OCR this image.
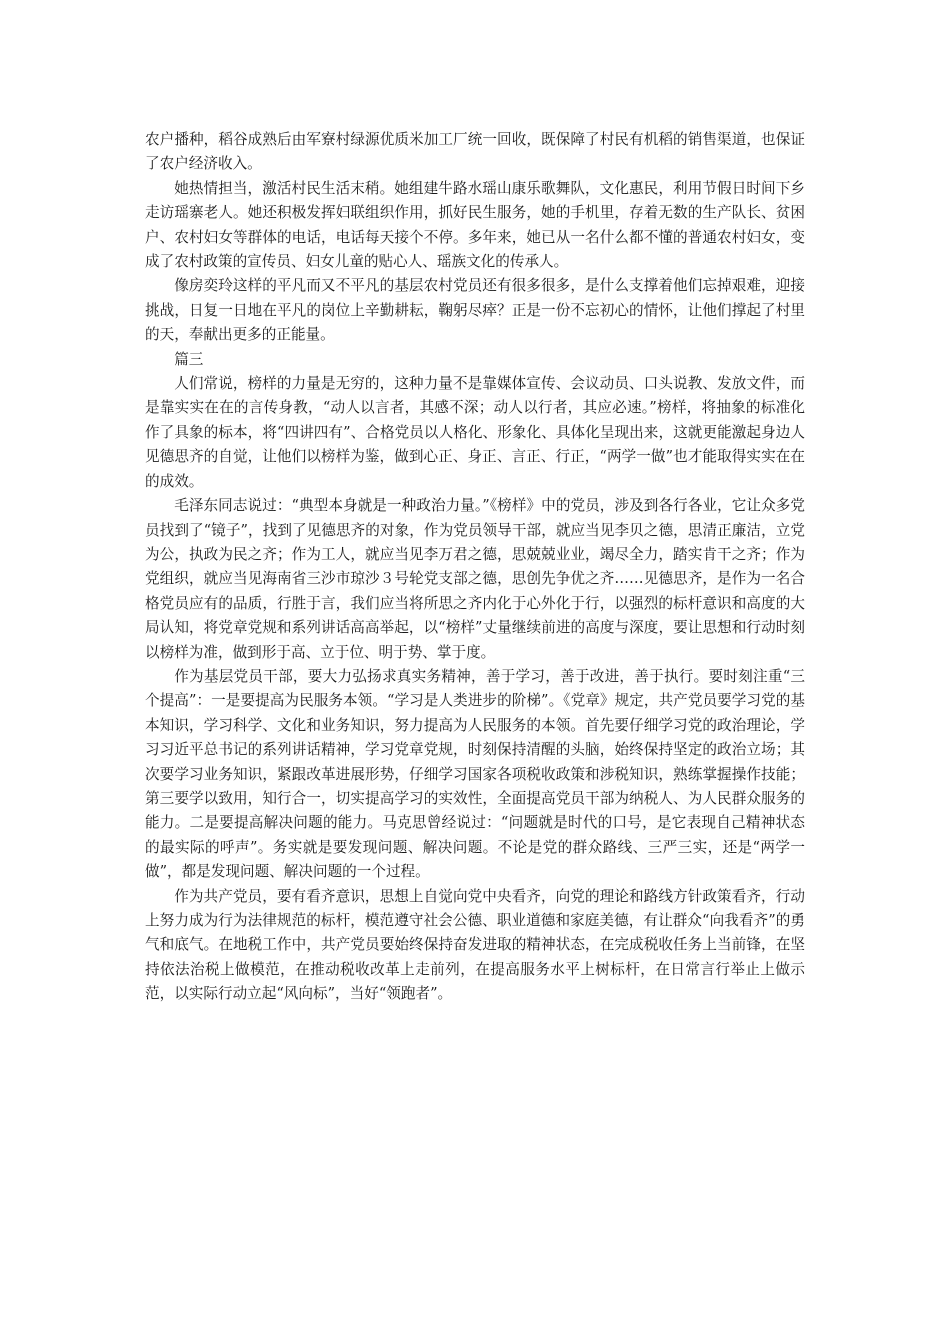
农户播种，稻谷成熟后由军寮村绿源优质米加工厂统一回收，既保障了村民有机稻的销售渠道，也保证了农户经济收入。

她热情担当，激活村民生活末稍。她组建牛路水瑶山康乐歌舞队，文化惠民，利用节假日时间下乡走访瑶寨老人。她还积极发挥妇联组织作用，抓好民生服务，她的手机里，存着无数的生产队长、贫困户、农村妇女等群体的电话，电话每天接个不停。多年来，她已从一名什么都不懂的普通农村妇女，变成了农村政策的宣传员、妇女儿童的贴心人、瑶族文化的传承人。

像房奕玲这样的平凡而又不平凡的基层农村党员还有很多很多，是什么支撑着他们忘掉艰难，迎接挑战，日复一日地在平凡的岗位上辛勤耕耘，鞠躬尽瘁？正是一份不忘初心的情怀，让他们撑起了村里的天，奉献出更多的正能量。

篇三

人们常说，榜样的力量是无穷的，这种力量不是靠媒体宣传、会议动员、口头说教、发放文件，而是靠实实在在的言传身教，“动人以言者，其感不深；动人以行者，其应必速。”榜样，将抽象的标准化作了具象的标本，将“四讲四有”、合格党员以人格化、形象化、具体化呈现出来，这就更能激起身边人见德思齐的自觉，让他们以榜样为鉴，做到心正、身正、言正、行正，“两学一做”也才能取得实实在在的成效。

毛泽东同志说过：“典型本身就是一种政治力量。”《榜样》中的党员，涉及到各行各业，它让众多党员找到了“镜子”，找到了见德思齐的对象，作为党员领导干部，就应当见李贝之德，思清正廉洁，立党为公，执政为民之齐；作为工人，就应当见李万君之德，思兢兢业业，竭尽全力，踏实肯干之齐；作为党组织，就应当见海南省三沙市琼沙３号轮党支部之德，思创先争优之齐……见德思齐，是作为一名合格党员应有的品质，行胜于言，我们应当将所思之齐内化于心外化于行，以强烈的标杆意识和高度的大局认知，将党章党规和系列讲话高高举起，以“榜样”丈量继续前进的高度与深度，要让思想和行动时刻以榜样为准，做到形于高、立于位、明于势、掌于度。

作为基层党员干部，要大力弘扬求真实务精神，善于学习，善于改进，善于执行。要时刻注重“三个提高”：一是要提高为民服务本领。“学习是人类进步的阶梯”。《党章》规定，共产党员要学习党的基本知识，学习科学、文化和业务知识，努力提高为人民服务的本领。首先要仔细学习党的政治理论，学习习近平总书记的系列讲话精神，学习党章党规，时刻保持清醒的头脑，始终保持坚定的政治立场；其次要学习业务知识，紧跟改革进展形势，仔细学习国家各项税收政策和涉税知识，熟练掌握操作技能；第三要学以致用，知行合一，切实提高学习的实效性，全面提高党员干部为纳税人、为人民群众服务的能力。二是要提高解决问题的能力。马克思曾经说过：“问题就是时代的口号，是它表现自己精神状态的最实际的呼声”。务实就是要发现问题、解决问题。不论是党的群众路线、三严三实，还是“两学一做”，都是发现问题、解决问题的一个过程。

作为共产党员，要有看齐意识，思想上自觉向党中央看齐，向党的理论和路线方针政策看齐，行动上努力成为行为法律规范的标杆，模范遵守社会公德、职业道德和家庭美德，有让群众“向我看齐”的勇气和底气。在地税工作中，共产党员要始终保持奋发进取的精神状态，在完成税收任务上当前锋，在坚持依法治税上做模范，在推动税收改革上走前列，在提高服务水平上树标杆，在日常言行举止上做示范，以实际行动立起“风向标”，当好“领跑者”。
